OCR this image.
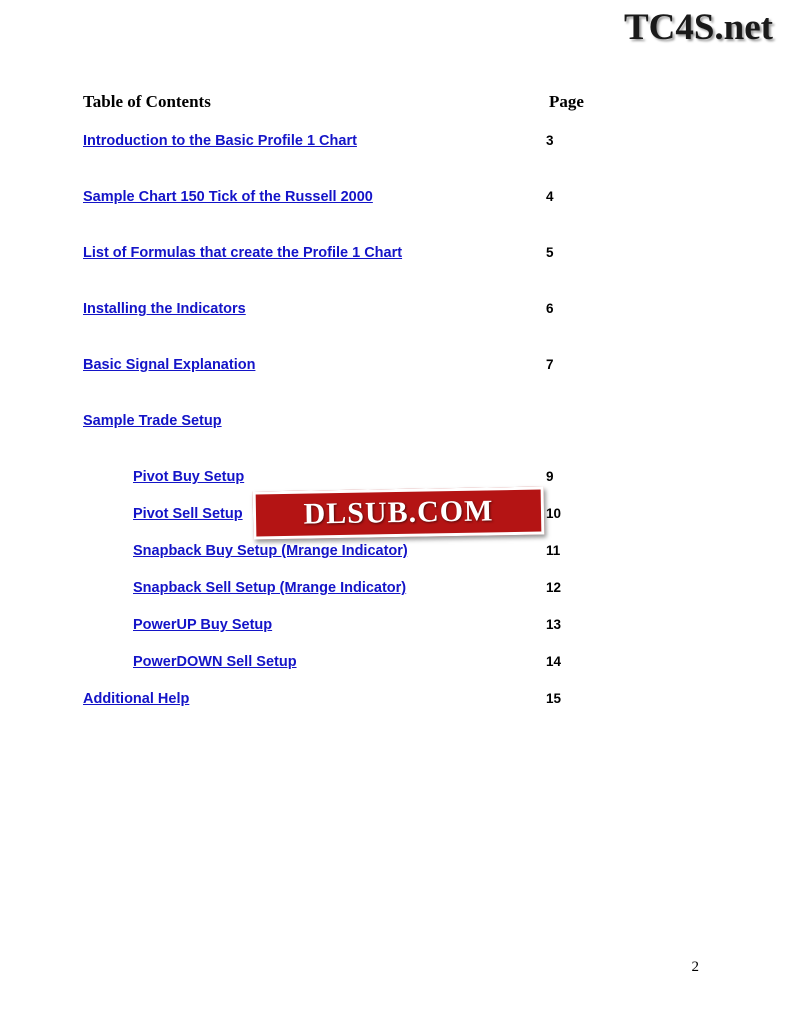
TC4S.net
Table of Contents	Page
Introduction to the Basic Profile 1 Chart	3
Sample Chart 150 Tick of the Russell 2000	4
List of Formulas that create the Profile 1 Chart	5
Installing the Indicators	6
Basic Signal Explanation	7
Sample Trade Setup
Pivot Buy Setup	9
Pivot Sell Setup	10
Snapback Buy Setup (Mrange Indicator)	11
Snapback Sell Setup (Mrange Indicator)	12
PowerUP Buy Setup	13
PowerDOWN Sell Setup	14
Additional Help	15
DLSUB.COM
2
